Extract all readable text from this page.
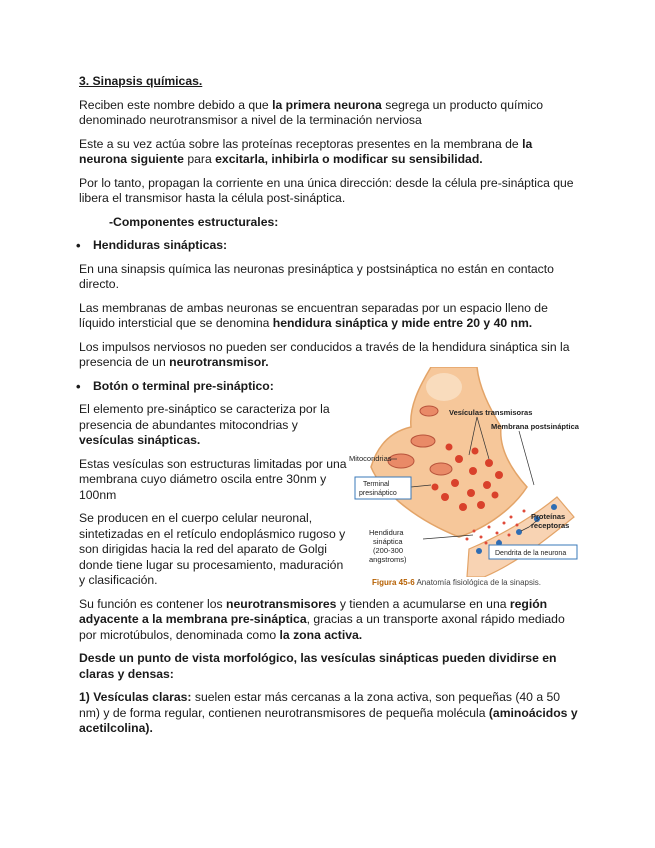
3. Sinapsis químicas.

Reciben este nombre debido a que la primera neurona segrega un producto químico denominado neurotransmisor a nivel de la terminación nerviosa

Este a su vez actúa sobre las proteínas receptoras presentes en la membrana de la neurona siguiente para excitarla, inhibirla o modificar su sensibilidad.

Por lo tanto, propagan la corriente en una única dirección: desde la célula pre-sináptica que libera el transmisor hasta la célula post-sináptica.

-Componentes estructurales:

• Hendiduras sinápticas:

En una sinapsis química las neuronas presináptica y postsináptica no están en contacto directo.

Las membranas de ambas neuronas se encuentran separadas por un espacio lleno de líquido intersticial que se denomina hendidura sináptica y mide entre 20 y 40 nm.

Los impulsos nerviosos no pueden ser conducidos a través de la hendidura sináptica sin la presencia de un neurotransmisor.

• Botón o terminal pre-sináptico:

El elemento pre-sináptico se caracteriza por la presencia de abundantes mitocondrias y vesículas sinápticas.

Estas vesículas son estructuras limitadas por una membrana cuyo diámetro oscila entre 30nm y 100nm

Se producen en el cuerpo celular neuronal, sintetizadas en el retículo endoplásmico rugoso y son dirigidas hacia la red del aparato de Golgi donde tiene lugar su procesamiento, maduración y clasificación.

Vesículas transmisoras
Membrana postsináptica
Mitocondrias
Proteínas
receptoras
Hendidura
sináptica
(200-300
angstroms)
Terminal
presináptico
Dendrita de la neurona
Figura 45-6 Anatomía fisiológica de la sinapsis.

Su función es contener los neurotransmisores y tienden a acumularse en una región adyacente a la membrana pre-sináptica, gracias a un transporte axonal rápido mediado por microtúbulos, denominada como la zona activa.

Desde un punto de vista morfológico, las vesículas sinápticas pueden dividirse en claras y densas:

1) Vesículas claras: suelen estar más cercanas a la zona activa, son pequeñas (40 a 50 nm) y de forma regular, contienen neurotransmisores de pequeña molécula (aminoácidos y acetilcolina).
